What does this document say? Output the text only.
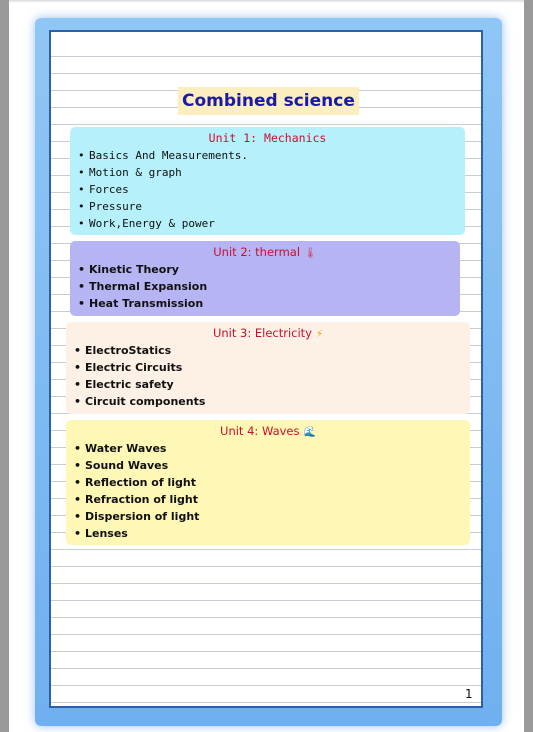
Combined science
Unit 1: Mechanics
• Basics And Measurements.
• Motion & graph
• Forces
• Pressure
• Work,Energy & power
Unit 2: thermal 🌡
• Kinetic Theory
• Thermal Expansion
• Heat Transmission
Unit 3: Electricity ⚡
• ElectroStatics
• Electric Circuits
• Electric safety
• Circuit components
Unit 4: Waves 🌊
• Water Waves
• Sound Waves
• Reflection of light
• Refraction of light
• Dispersion of light
• Lenses
1
